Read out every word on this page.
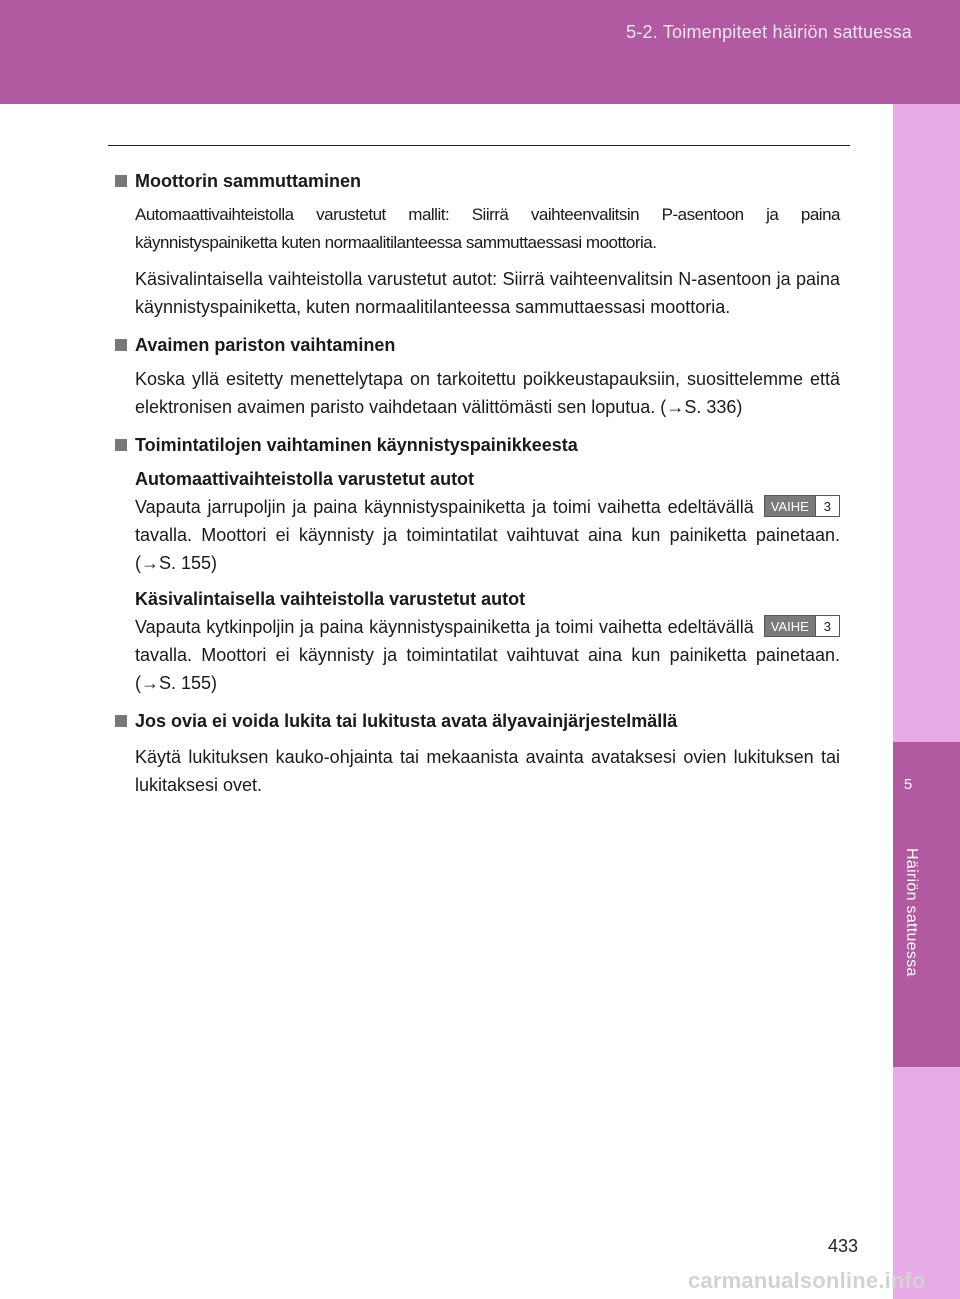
5-2. Toimenpiteet häiriön sattuessa
5
Häiriön sattuessa

Moottorin sammuttaminen

Automaattivaihteistolla varustetut mallit: Siirrä vaihteenvalitsin P-asentoon ja paina käynnistyspainiketta kuten normaalitilanteessa sammuttaessasi moottoria.

Käsivalintaisella vaihteistolla varustetut autot: Siirrä vaihteenvalitsin N-asentoon ja paina käynnistyspainiketta, kuten normaalitilanteessa sammuttaessasi moottoria.

Avaimen pariston vaihtaminen

Koska yllä esitetty menettelytapa on tarkoitettu poikkeustapauksiin, suosittelemme että elektronisen avaimen paristo vaihdetaan välittömästi sen loputua. (→S. 336)

Toimintatilojen vaihtaminen käynnistyspainikkeesta

Automaattivaihteistolla varustetut autot

VAIHE	3
Vapauta jarrupoljin ja paina käynnistyspainiketta ja toimi vaihetta edeltävällä tavalla. Moottori ei käynnisty ja toimintatilat vaihtuvat aina kun painiketta painetaan. (→S. 155)

Käsivalintaisella vaihteistolla varustetut autot

VAIHE	3
Vapauta kytkinpoljin ja paina käynnistyspainiketta ja toimi vaihetta edeltävällä tavalla. Moottori ei käynnisty ja toimintatilat vaihtuvat aina kun painiketta painetaan. (→S. 155)

Jos ovia ei voida lukita tai lukitusta avata älyavainjärjestelmällä

Käytä lukituksen kauko-ohjainta tai mekaanista avainta avataksesi ovien lukituksen tai lukitaksesi ovet.

433
carmanualsonline.info
